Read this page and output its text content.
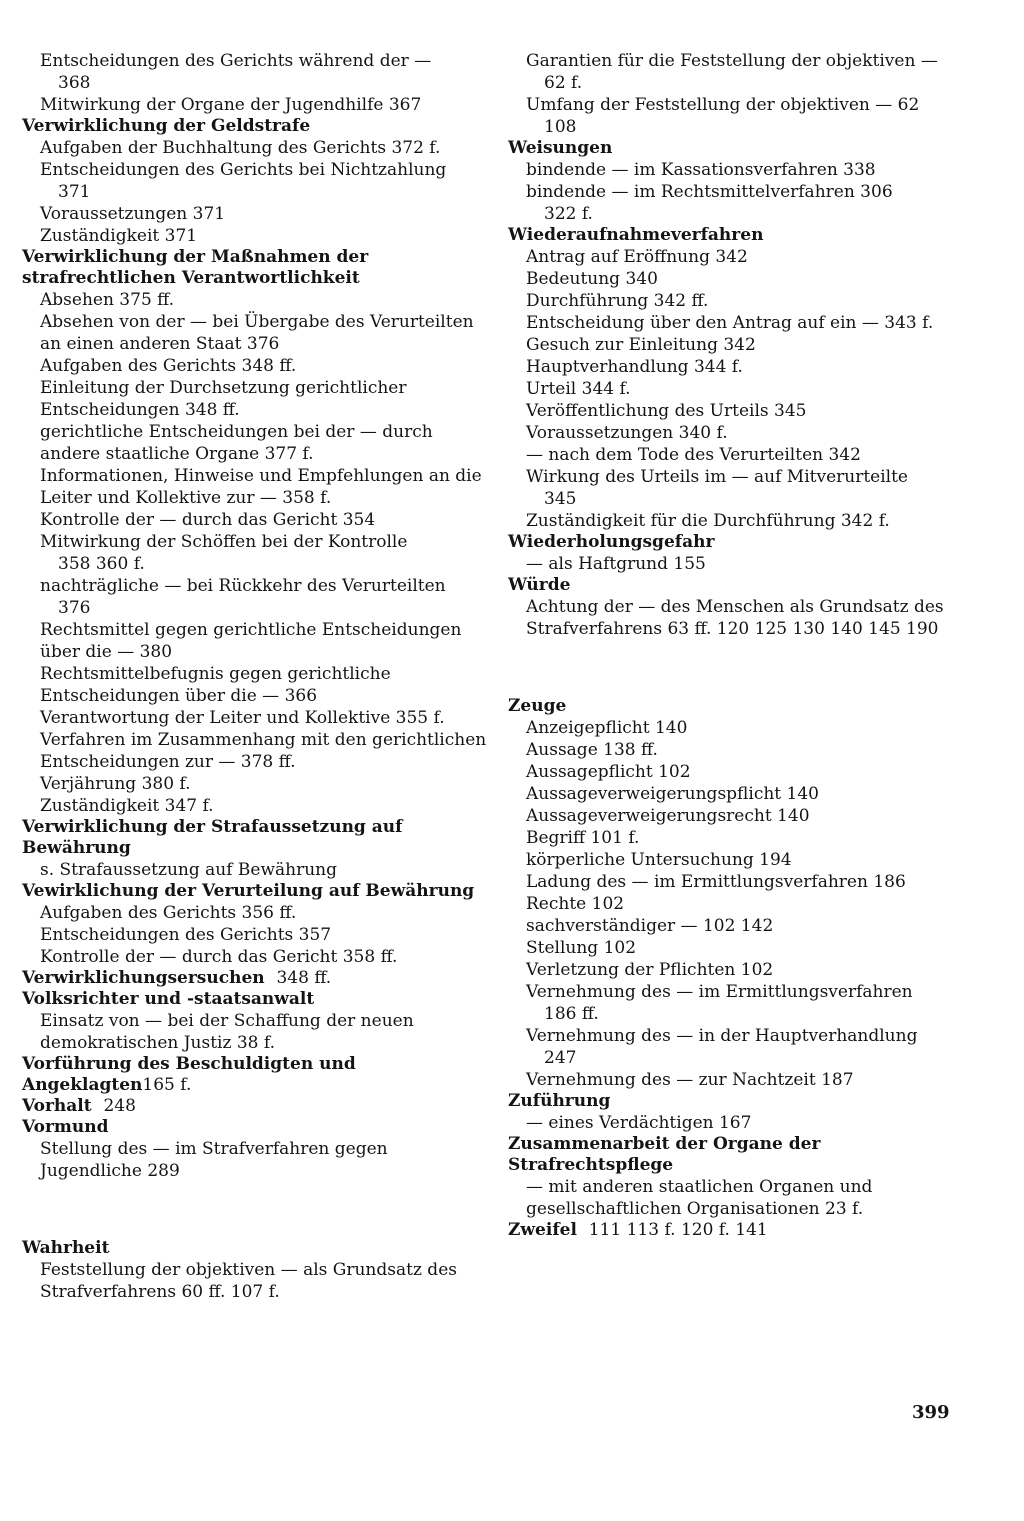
Entscheidungen des Gerichts während der —
368

Mitwirkung der Organe der Jugendhilfe 367

Verwirklichung der Geldstrafe

Aufgaben der Buchhaltung des Gerichts 372 f.

Entscheidungen des Gerichts bei Nichtzahlung
371

Voraussetzungen 371

Zuständigkeit 371

Verwirklichung der Maßnahmen der strafrechtlichen Verantwortlichkeit

Absehen 375 ff.

Absehen von der — bei Übergabe des Verurteilten an einen anderen Staat 376

Aufgaben des Gerichts 348 ff.

Einleitung der Durchsetzung gerichtlicher Entscheidungen 348 ff.

gerichtliche Entscheidungen bei der — durch andere staatliche Organe 377 f.

Informationen, Hinweise und Empfehlungen an die Leiter und Kollektive zur — 358 f.

Kontrolle der — durch das Gericht 354

Mitwirkung der Schöffen bei der Kontrolle
358 360 f.

nachträgliche — bei Rückkehr des Verurteilten
376

Rechtsmittel gegen gerichtliche Entscheidungen über die — 380

Rechtsmittelbefugnis gegen gerichtliche Entscheidungen über die — 366

Verantwortung der Leiter und Kollektive 355 f.

Verfahren im Zusammenhang mit den gerichtlichen Entscheidungen zur — 378 ff.

Verjährung 380 f.

Zuständigkeit 347 f.

Verwirklichung der Strafaussetzung auf Bewährung

s. Strafaussetzung auf Bewährung

Vewirklichung der Verurteilung auf Bewährung

Aufgaben des Gerichts 356 ff.

Entscheidungen des Gerichts 357

Kontrolle der — durch das Gericht 358 ff.

Verwirklichungsersuchen 348 ff.

Volksrichter und -staatsanwalt

Einsatz von — bei der Schaffung der neuen demokratischen Justiz 38 f.

Vorführung des Beschuldigten und Angeklagten165 f.

Vorhalt 248

Vormund

Stellung des — im Strafverfahren gegen Jugendliche 289

Wahrheit

Feststellung der objektiven — als Grundsatz des Strafverfahrens 60 ff. 107 f.

Garantien für die Feststellung der objektiven —
62 f.

Umfang der Feststellung der objektiven — 62
108

Weisungen

bindende — im Kassationsverfahren 338

bindende — im Rechtsmittelverfahren 306
322 f.

Wiederaufnahmeverfahren

Antrag auf Eröffnung 342

Bedeutung 340

Durchführung 342 ff.

Entscheidung über den Antrag auf ein — 343 f.

Gesuch zur Einleitung 342

Hauptverhandlung 344 f.

Urteil 344 f.

Veröffentlichung des Urteils 345

Voraussetzungen 340 f.

— nach dem Tode des Verurteilten 342

Wirkung des Urteils im — auf Mitverurteilte
345

Zuständigkeit für die Durchführung 342 f.

Wiederholungsgefahr

— als Haftgrund 155

Würde

Achtung der — des Menschen als Grundsatz des Strafverfahrens 63 ff. 120 125 130 140 145 190

Zeuge

Anzeigepflicht 140

Aussage 138 ff.

Aussagepflicht 102

Aussageverweigerungspflicht 140

Aussageverweigerungsrecht 140

Begriff 101 f.

körperliche Untersuchung 194

Ladung des — im Ermittlungsverfahren 186

Rechte 102

sachverständiger — 102 142

Stellung 102

Verletzung der Pflichten 102

Vernehmung des — im Ermittlungsverfahren
186 ff.

Vernehmung des — in der Hauptverhandlung
247

Vernehmung des — zur Nachtzeit 187

Zuführung

— eines Verdächtigen 167

Zusammenarbeit der Organe der Strafrechtspflege

— mit anderen staatlichen Organen und gesellschaftlichen Organisationen 23 f.

Zweifel 111 113 f. 120 f. 141

399
